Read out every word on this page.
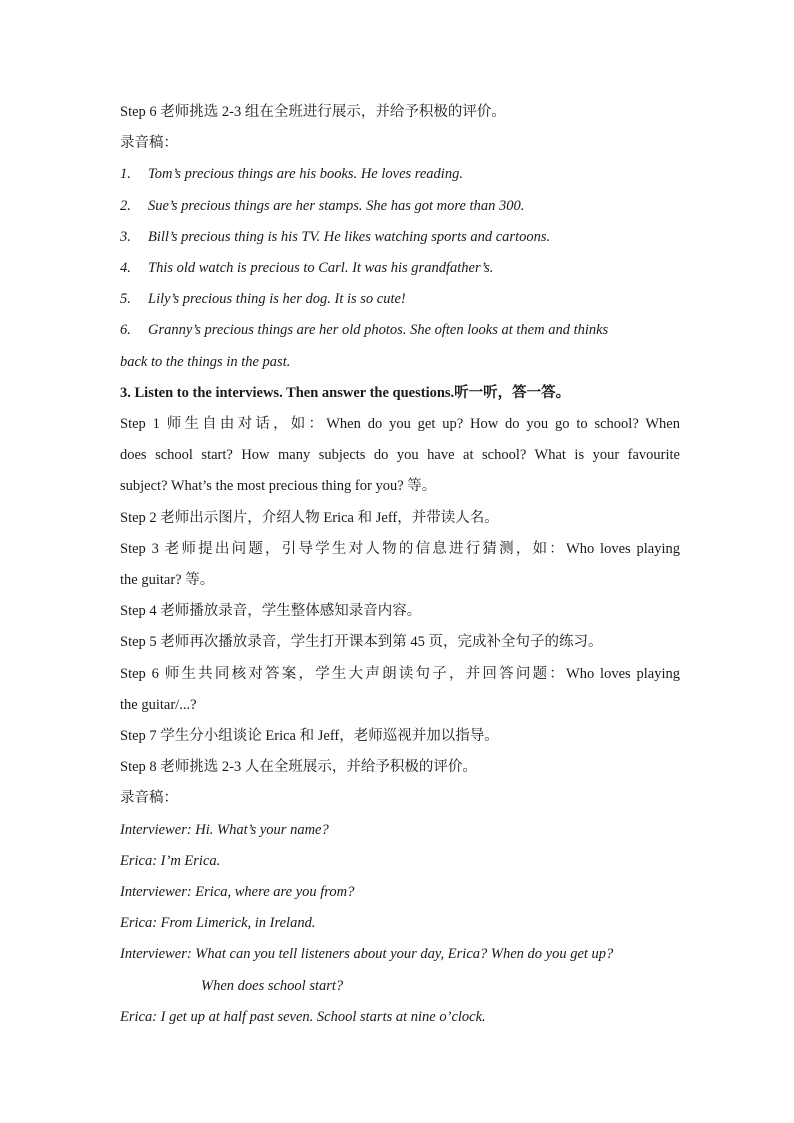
Step 6 老师挑选 2-3 组在全班进行展示，并给予积极的评价。
录音稿：
1. Tom’s precious things are his books. He loves reading.
2. Sue’s precious things are her stamps. She has got more than 300.
3. Bill’s precious thing is his TV. He likes watching sports and cartoons.
4. This old watch is precious to Carl. It was his grandfather’s.
5. Lily’s precious thing is her dog. It is so cute!
6. Granny’s precious things are her old photos. She often looks at them and thinks
back to the things in the past.
3. Listen to the interviews. Then answer the questions.听一听，答一答。
Step 1 师生自由对话，如：When do you get up? How do you go to school? When
does school start? How many subjects do you have at school? What is your favourite
subject? What’s the most precious thing for you? 等。
Step 2 老师出示图片，介绍人物 Erica 和 Jeff，并带读人名。
Step 3 老师提出问题，引导学生对人物的信息进行猜测，如：Who loves playing
the guitar? 等。
Step 4 老师播放录音，学生整体感知录音内容。
Step 5 老师再次播放录音，学生打开课本到第 45 页，完成补全句子的练习。
Step 6 师生共同核对答案，学生大声朗读句子，并回答问题：Who loves playing
the guitar/...?
Step 7 学生分小组谈论 Erica 和 Jeff，老师巡视并加以指导。
Step 8 老师挑选 2-3 人在全班展示，并给予积极的评价。
录音稿：
Interviewer: Hi. What’s your name?
Erica: I’m Erica.
Interviewer: Erica, where are you from?
Erica: From Limerick, in Ireland.
Interviewer: What can you tell listeners about your day, Erica? When do you get up?
When does school start?
Erica: I get up at half past seven. School starts at nine o’clock.
